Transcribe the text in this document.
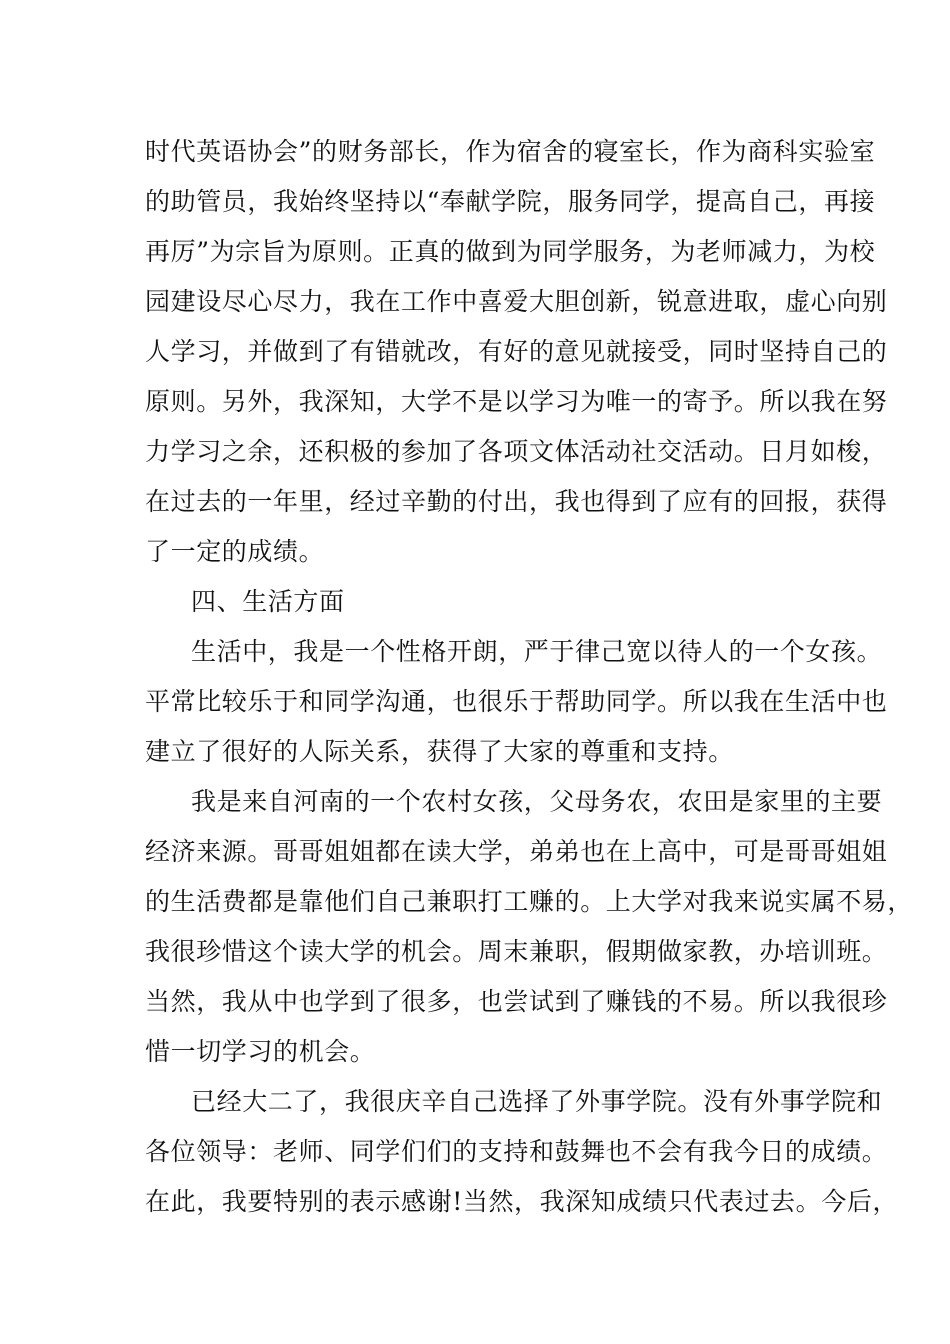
时代英语协会”的财务部长，作为宿舍的寝室长，作为商科实验室
的助管员，我始终坚持以“奉献学院，服务同学，提高自己，再接
再厉”为宗旨为原则。正真的做到为同学服务，为老师减力，为校
园建设尽心尽力，我在工作中喜爱大胆创新，锐意进取，虚心向别
人学习，并做到了有错就改，有好的意见就接受，同时坚持自己的
原则。另外，我深知，大学不是以学习为唯一的寄予。所以我在努
力学习之余，还积极的参加了各项文体活动社交活动。日月如梭，
在过去的一年里，经过辛勤的付出，我也得到了应有的回报，获得
了一定的成绩。
四、生活方面
生活中，我是一个性格开朗，严于律己宽以待人的一个女孩。
平常比较乐于和同学沟通，也很乐于帮助同学。所以我在生活中也
建立了很好的人际关系，获得了大家的尊重和支持。
我是来自河南的一个农村女孩，父母务农，农田是家里的主要
经济来源。哥哥姐姐都在读大学，弟弟也在上高中，可是哥哥姐姐
的生活费都是靠他们自己兼职打工赚的。上大学对我来说实属不易，
我很珍惜这个读大学的机会。周末兼职，假期做家教，办培训班。
当然，我从中也学到了很多，也尝试到了赚钱的不易。所以我很珍
惜一切学习的机会。
已经大二了，我很庆辛自己选择了外事学院。没有外事学院和
各位领导：老师、同学们们的支持和鼓舞也不会有我今日的成绩。
在此，我要特别的表示感谢!当然，我深知成绩只代表过去。今后，
